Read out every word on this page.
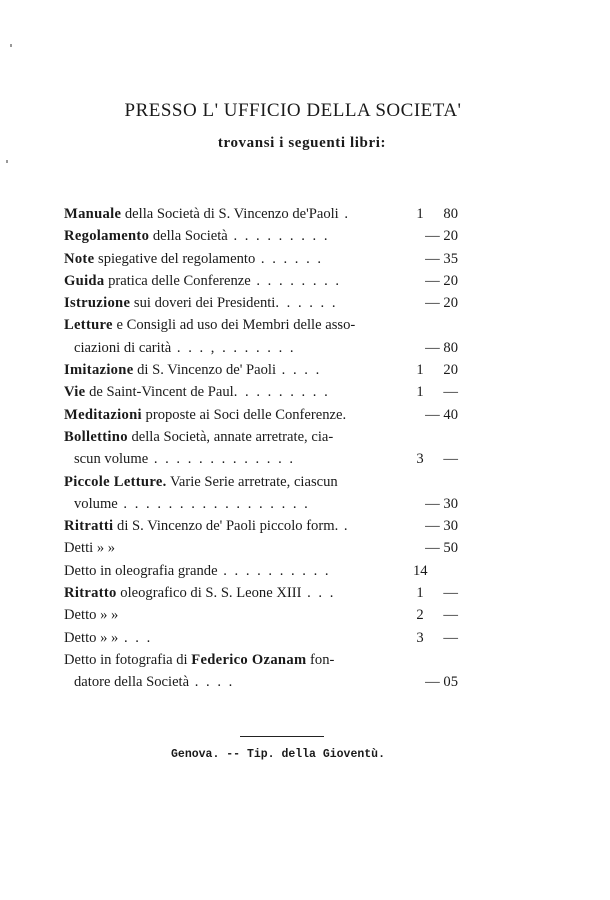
PRESSO L' UFFICIO DELLA SOCIETA'
trovansi i seguenti libri:
Manuale della Società di S. Vincenzo de'Paoli .	1 80
Regolamento della Società . . . . . . . . .	— 20
Note spiegative del regolamento . . . . . .	— 35
Guida pratica delle Conferenze . . . . . . . .	— 20
Istruzione sui doveri dei Presidenti. . . . . .	— 20
Letture e Consigli ad uso dei Membri delle asso-
ciazioni di carità . . . , . . . . . . .	— 80
Imitazione di S. Vincenzo de' Paoli . . . .	1 20
Vie de Saint-Vincent de Paul. . . . . . . . .	1 —
Meditazioni proposte ai Soci delle Conferenze.	— 40
Bollettino della Società, annate arretrate, cia-
scun volume . . . . . . . . . . . . .	3 —
Piccole Letture. Varie Serie arretrate, ciascun
volume . . . . . . . . . . . . . . . . .	— 30
Ritratti di S. Vincenzo de' Paoli piccolo form. .	— 30
Detti » »	— 50
Detto in oleografia grande . . . . . . . . . .	14
Ritratto oleografico di S. S. Leone XIII . . .	1 —
Detto » »	2 —
Detto » » . . .	3 —
Detto in fotografia di Federico Ozanam fon-
datore della Società . . . .	— 05
Genova. -- Tip. della Gioventù.
